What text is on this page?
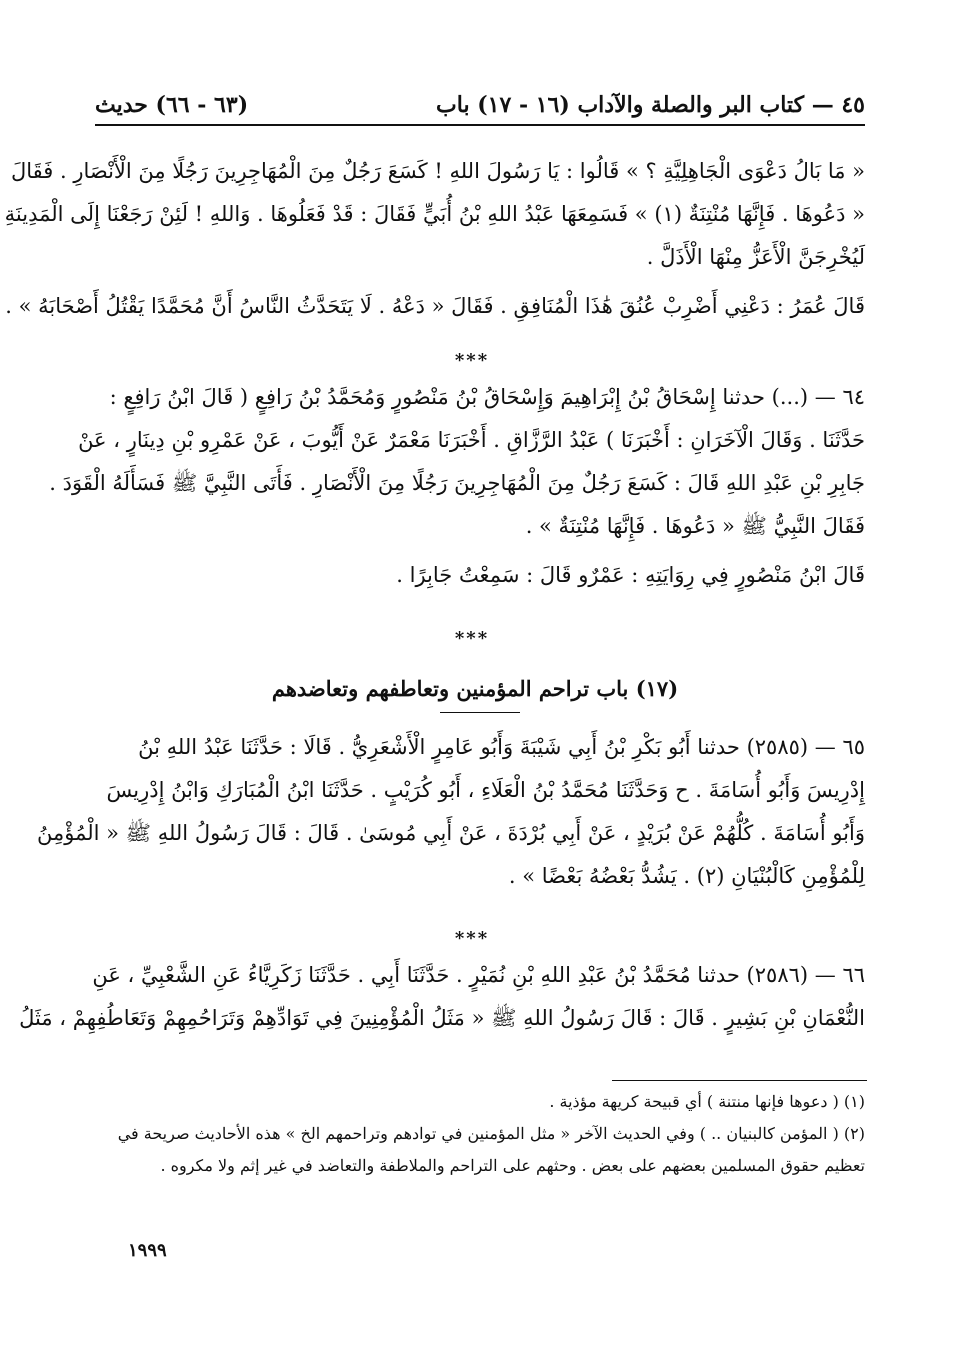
٤٥ — كتاب البر والصلة والآداب (١٦ - ١٧) باب
(٦٣ - ٦٦) حديث
« مَا بَالُ دَعْوَى الْجَاهِلِيَّةِ ؟ » قَالُوا : يَا رَسُولَ اللهِ ! كَسَعَ رَجُلٌ مِنَ الْمُهَاجِرِينَ رَجُلًا مِنَ الْأَنْصَارِ . فَقَالَ
« دَعُوهَا . فَإِنَّهَا مُنْتِنَةٌ (١) » فَسَمِعَهَا عَبْدُ اللهِ بْنُ أُبَيٍّ فَقَالَ : قَدْ فَعَلُوهَا . وَاللهِ ! لَئِنْ رَجَعْنَا إِلَى الْمَدِينَةِ
لَيُخْرِجَنَّ الْأَعَزُّ مِنْهَا الْأَذَلَّ .
قَالَ عُمَرُ : دَعْنِي أَضْرِبْ عُنُقَ هَٰذَا الْمُنَافِقِ . فَقَالَ « دَعْهُ . لَا يَتَحَدَّثُ النَّاسُ أَنَّ مُحَمَّدًا يَقْتُلُ أَصْحَابَهُ » .
***
٦٤ — (...) حدثنا إِسْحَاقُ بْنُ إِبْرَاهِيمَ وَإِسْحَاقُ بْنُ مَنْصُورٍ وَمُحَمَّدُ بْنُ رَافِعٍ ( قَالَ ابْنُ رَافِعٍ :
حَدَّثَنَا . وَقَالَ الْآخَرَانِ : أَخْبَرَنَا ) عَبْدُ الرَّزَّاقِ . أَخْبَرَنَا مَعْمَرٌ عَنْ أَيُّوبَ ، عَنْ عَمْرِو بْنِ دِينَارٍ ، عَنْ
جَابِرِ بْنِ عَبْدِ اللهِ قَالَ : كَسَعَ رَجُلٌ مِنَ الْمُهَاجِرِينَ رَجُلًا مِنَ الْأَنْصَارِ . فَأَتَى النَّبِيَّ ﷺ فَسَأَلَهُ الْقَوَدَ .
فَقَالَ النَّبِيُّ ﷺ « دَعُوهَا . فَإِنَّهَا مُنْتِنَةٌ » .
قَالَ ابْنُ مَنْصُورٍ فِي رِوَايَتِهِ : عَمْرٌو قَالَ : سَمِعْتُ جَابِرًا .
***
(١٧) باب تراحم المؤمنين وتعاطفهم وتعاضدهم
٦٥ — (٢٥٨٥) حدثنا أَبُو بَكْرِ بْنُ أَبِي شَيْبَةَ وَأَبُو عَامِرٍ الْأَشْعَرِيُّ . قَالَا : حَدَّثَنَا عَبْدُ اللهِ بْنُ
إِدْرِيسَ وَأَبُو أُسَامَةَ . ح وَحَدَّثَنَا مُحَمَّدُ بْنُ الْعَلَاءِ ، أَبُو كُرَيْبٍ . حَدَّثَنَا ابْنُ الْمُبَارَكِ وَابْنُ إِدْرِيسَ
وَأَبُو أُسَامَةَ . كُلُّهُمْ عَنْ بُرَيْدٍ ، عَنْ أَبِي بُرْدَةَ ، عَنْ أَبِي مُوسَىٰ . قَالَ : قَالَ رَسُولُ اللهِ ﷺ « الْمُؤْمِنُ
لِلْمُؤْمِنِ كَالْبُنْيَانِ (٢) . يَشُدُّ بَعْضُهُ بَعْضًا » .
***
٦٦ — (٢٥٨٦) حدثنا مُحَمَّدُ بْنُ عَبْدِ اللهِ بْنِ نُمَيْرٍ . حَدَّثَنَا أَبِي . حَدَّثَنَا زَكَرِيَّاءُ عَنِ الشَّعْبِيِّ ، عَنِ
النُّعْمَانِ بْنِ بَشِيرٍ . قَالَ : قَالَ رَسُولُ اللهِ ﷺ « مَثَلُ الْمُؤْمِنِينَ فِي تَوَادِّهِمْ وَتَرَاحُمِهِمْ وَتَعَاطُفِهِمْ ، مَثَلُ
(١) ( دعوها فإنها منتنة ) أي قبيحة كريهة مؤذية .
(٢) ( المؤمن كالبنيان .. ) وفي الحديث الآخر « مثل المؤمنين في توادهم وتراحمهم الخ » هذه الأحاديث صريحة في
تعظيم حقوق المسلمين بعضهم على بعض . وحثهم على التراحم والملاطفة والتعاضد في غير إثم ولا مكروه .
١٩٩٩
